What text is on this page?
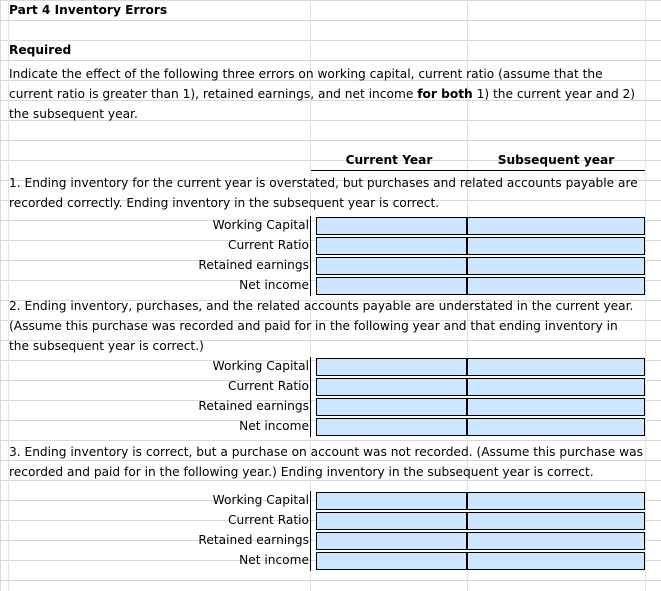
Part 4 Inventory Errors
Required
Indicate the effect of the following three errors on working capital, current ratio (assume that the
current ratio is greater than 1), retained earnings, and net income for both 1) the current year and 2)
the subsequent year.
Current Year	Subsequent year
1. Ending inventory for the current year is overstated, but purchases and related accounts payable are
recorded correctly. Ending inventory in the subsequent year is correct.
Working Capital
Current Ratio
Retained earnings
Net income
2. Ending inventory, purchases, and the related accounts payable are understated in the current year.
(Assume this purchase was recorded and paid for in the following year and that ending inventory in
the subsequent year is correct.)
Working Capital
Current Ratio
Retained earnings
Net income
3. Ending inventory is correct, but a purchase on account was not recorded. (Assume this purchase was
recorded and paid for in the following year.) Ending inventory in the subsequent year is correct.
Working Capital
Current Ratio
Retained earnings
Net income
